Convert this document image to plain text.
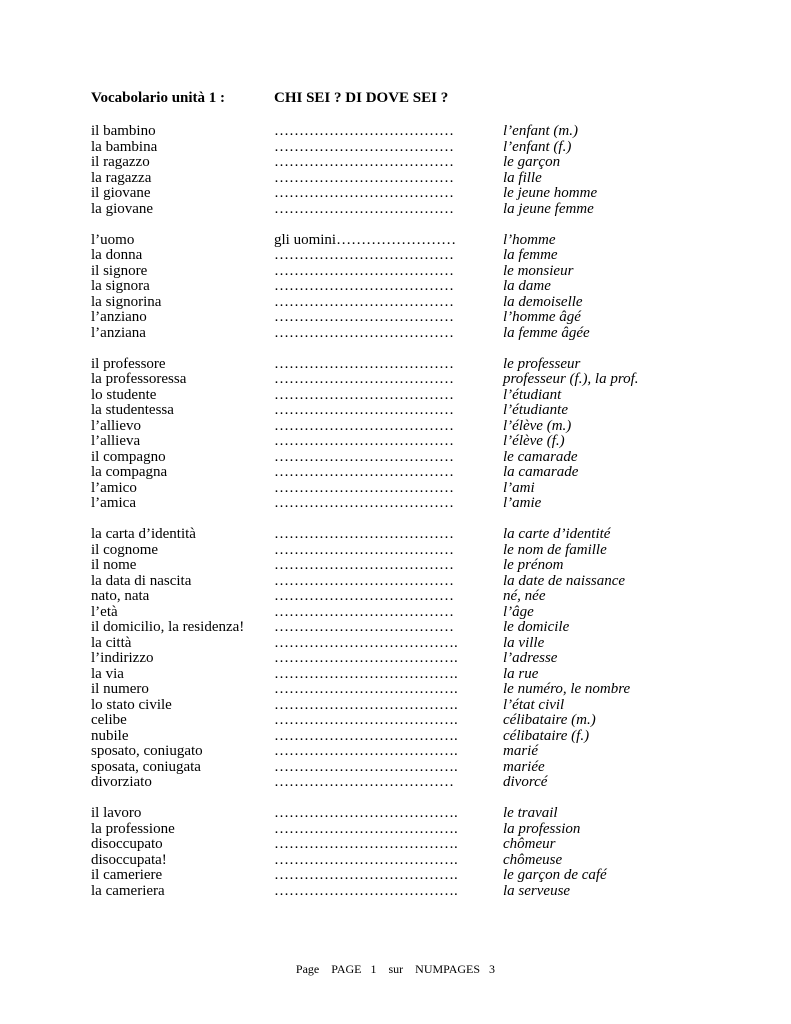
Vocabolario unità 1 :	CHI SEI ? DI DOVE SEI ?
il bambino	………………………………	l’enfant (m.)
la bambina	………………………………	l’enfant (f.)
il ragazzo	………………………………	le garçon
la ragazza	………………………………	la fille
il giovane	………………………………	le jeune homme
la giovane	………………………………	la jeune femme
l’uomo	gli uomini……………………	l’homme
la donna	………………………………	la femme
il signore	………………………………	le monsieur
la signora	………………………………	la dame
la signorina	………………………………	la demoiselle
l’anziano	………………………………	l’homme âgé
l’anziana	………………………………	la femme âgée
il professore	………………………………	le professeur
la professoressa	………………………………	professeur (f.), la prof.
lo studente	………………………………	l’étudiant
la studentessa	………………………………	l’étudiante
l’allievo	………………………………	l’élève (m.)
l’allieva	………………………………	l’élève (f.)
il compagno	………………………………	le camarade
la compagna	………………………………	la camarade
l’amico	………………………………	l’ami
l’amica	………………………………	l’amie
la carta d’identità	………………………………	la carte d’identité
il cognome	………………………………	le nom de famille
il nome	………………………………	le prénom
la data di nascita	………………………………	la date de naissance
nato, nata	………………………………	né, née
l’età	………………………………	l’âge
il domicilio, la residenza! ………………………………	le domicile
la città	……………………………….	la ville
l’indirizzo	……………………………….	l’adresse
la via	……………………………….	la rue
il numero	……………………………….	le numéro, le nombre
lo stato civile	……………………………….	l’état civil
celibe	……………………………….	célibataire (m.)
nubile	……………………………….	célibataire (f.)
sposato, coniugato	……………………………….	marié
sposata, coniugata	……………………………….	mariée
divorziato	………………………………	divorcé
il lavoro	……………………………….	le travail
la professione	……………………………….	la profession
disoccupato	……………………………….	chômeur
disoccupata!	……………………………….	chômeuse
il cameriere	……………………………….	le garçon de café
la cameriera	……………………………….	la serveuse
Page    PAGE   1    sur    NUMPAGES   3
